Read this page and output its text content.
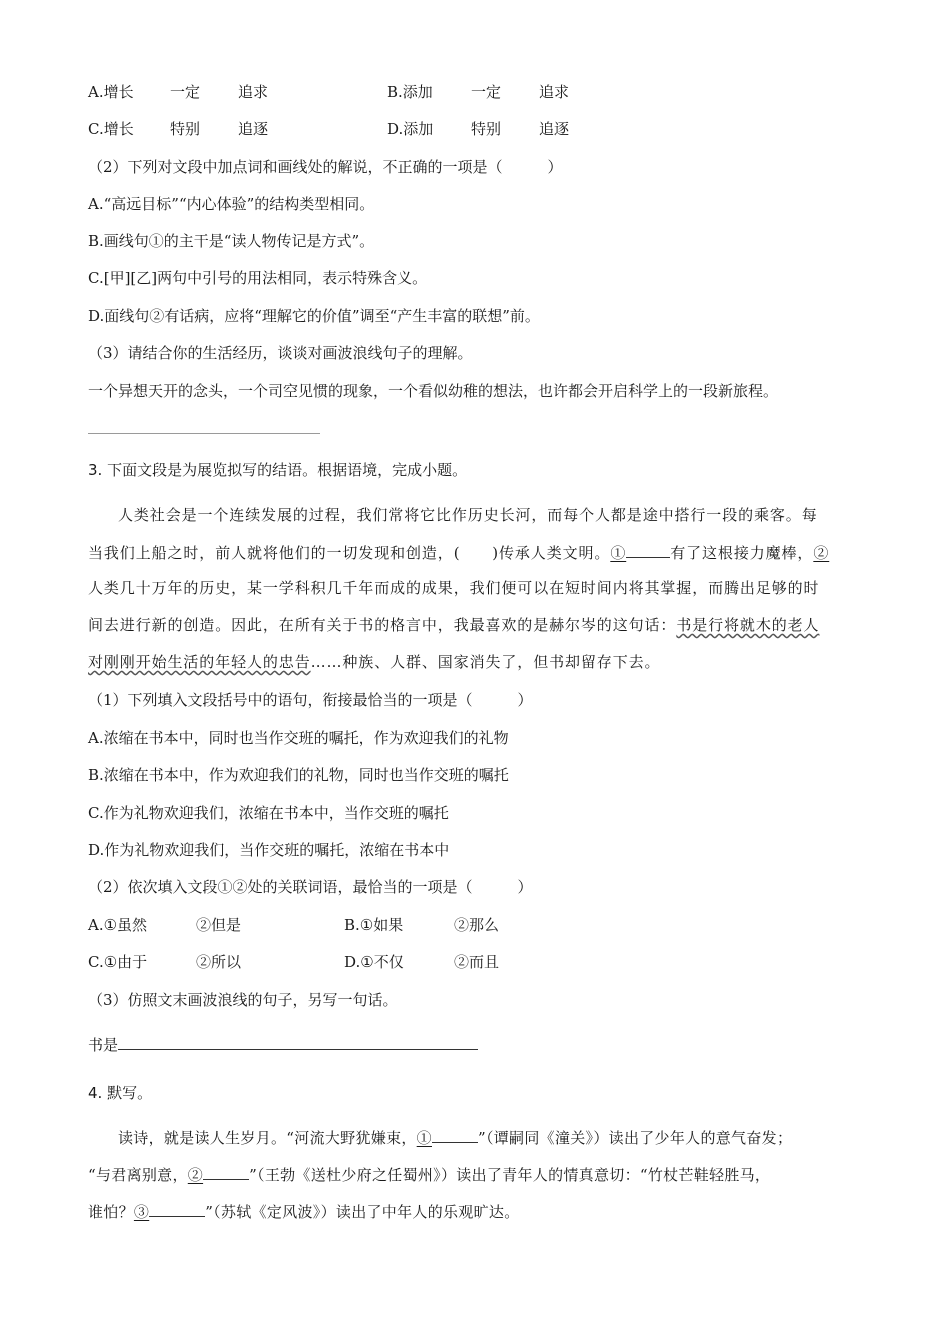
A.增长 一定	追求	B.添加	一定	追求
C.增长 特别	追逐	D.添加	特别	追逐
（2）下列对文段中加点词和画线处的解说，不正确的一项是（　　　）
A.“高远目标”“内心体验”的结构类型相同。
B.画线句①的主干是“读人物传记是方式”。
C.[甲][乙]两句中引号的用法相同，表示特殊含义。
D.面线句②有话病，应将“理解它的价值”调至“产生丰富的联想”前。
（3）请结合你的生活经历，谈谈对画波浪线句子的理解。
一个异想天开的念头，一个司空见惯的现象，一个看似幼稚的想法，也许都会开启科学上的一段新旅程。
3. 下面文段是为展览拟写的结语。根据语境，完成小题。
人类社会是一个连续发展的过程，我们常将它比作历史长河，而每个人都是途中搭行一段的乘客。每
当我们上船之时，前人就将他们的一切发现和创造，(　　)传承人类文明。①	有了这根接力魔棒，②
人类几十万年的历史，某一学科积几千年而成的成果，我们便可以在短时间内将其掌握，而腾出足够的时
间去进行新的创造。因此，在所有关于书的格言中，我最喜欢的是赫尔岑的这句话：书是行将就木的老人
对刚刚开始生活的年轻人的忠告……种族、人群、国家消失了，但书却留存下去。
（1）下列填入文段括号中的语句，衔接最恰当的一项是（　　　）
A.浓缩在书本中，同时也当作交班的嘱托，作为欢迎我们的礼物
B.浓缩在书本中，作为欢迎我们的礼物，同时也当作交班的嘱托
C.作为礼物欢迎我们，浓缩在书本中，当作交班的嘱托
D.作为礼物欢迎我们，当作交班的嘱托，浓缩在书本中
（2）依次填入文段①②处的关联词语，最恰当的一项是（　　　）
A.①虽然	②但是	B.①如果	②那么
C.①由于	②所以	D.①不仅	②而且
（3）仿照文末画波浪线的句子，另写一句话。
书是
4. 默写。
读诗，就是读人生岁月。“河流大野犹嫌束，①	”（谭嗣同《潼关》）读出了少年人的意气奋发；
“与君离别意，②	”（王勃《送杜少府之任蜀州》）读出了青年人的情真意切：“竹杖芒鞋轻胜马，
谁怕？③	”（苏轼《定风波》）读出了中年人的乐观旷达。
